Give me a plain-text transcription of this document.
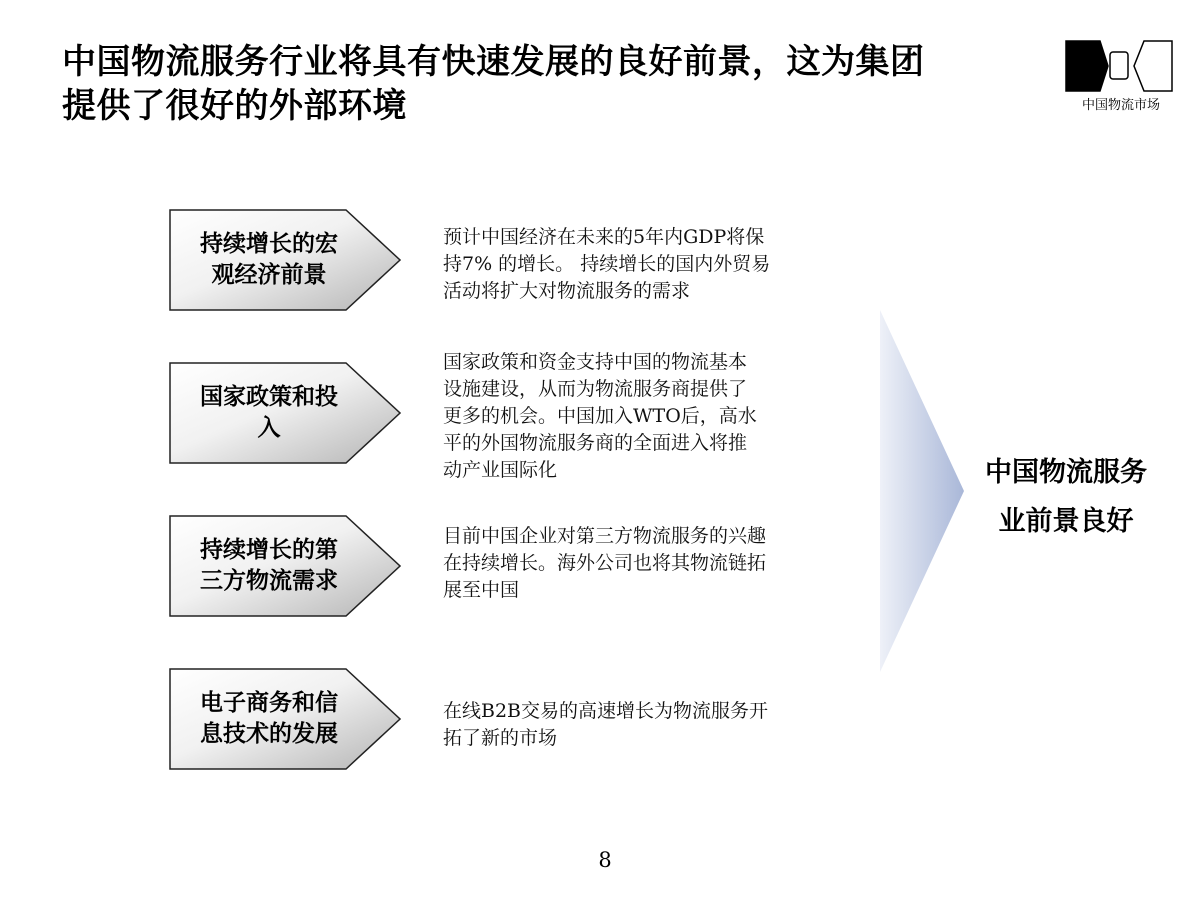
中国物流服务行业将具有快速发展的良好前景，这为集团
提供了很好的外部环境	中国物流市场
持续增长的宏
观经济前景
预计中国经济在未来的5年内GDP将保
持7% 的增长。 持续增长的国内外贸易
活动将扩大对物流服务的需求
国家政策和投
入
国家政策和资金支持中国的物流基本
设施建设，从而为物流服务商提供了
更多的机会。中国加入WTO后，高水
平的外国物流服务商的全面进入将推
动产业国际化
持续增长的第
三方物流需求
目前中国企业对第三方物流服务的兴趣
在持续增长。海外公司也将其物流链拓
展至中国
电子商务和信
息技术的发展
在线B2B交易的高速增长为物流服务开
拓了新的市场
中国物流服务
业前景良好
8
